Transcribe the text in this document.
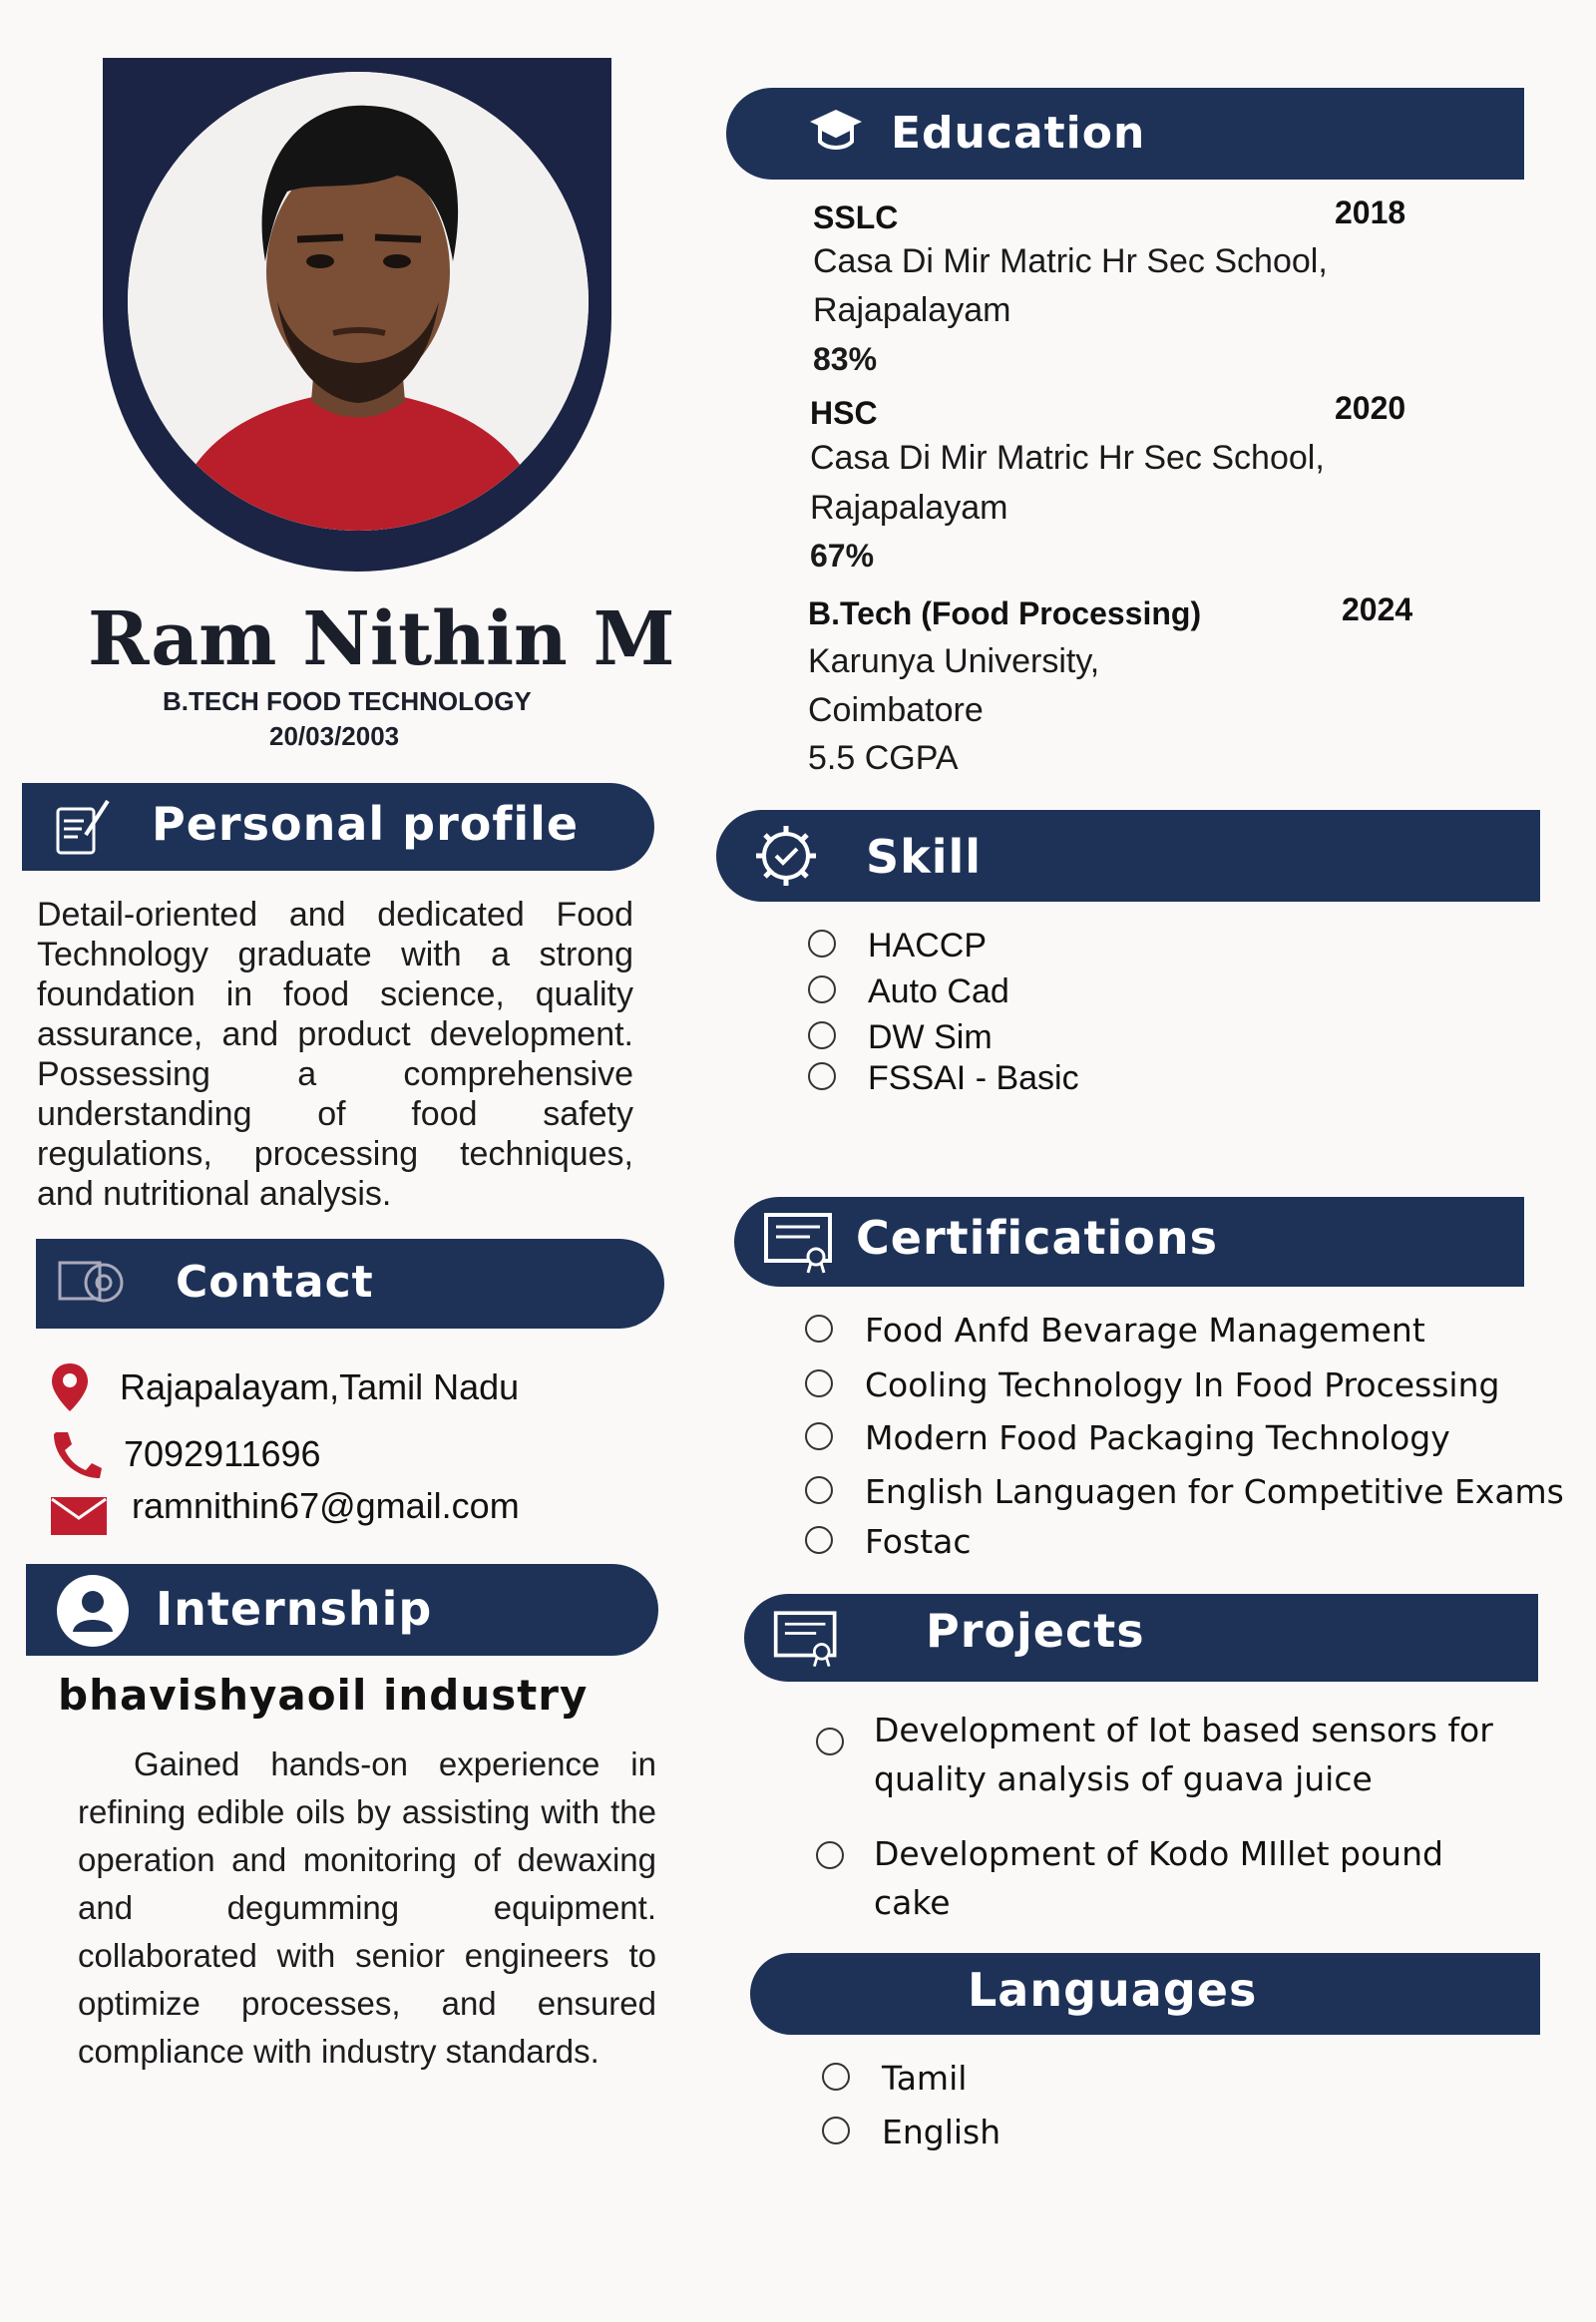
Ram Nithin M
B.TECH FOOD TECHNOLOGY
20/03/2003
Personal profile
Detail-oriented and dedicated Food Technology graduate with a strong foundation in food science, quality assurance, and product development. Possessing a comprehensive understanding of food safety regulations, processing techniques, and nutritional analysis.
Contact
Rajapalayam,Tamil Nadu
7092911696
ramnithin67@gmail.com
Internship
bhavishyaoil industry
Gained hands-on experience in refining edible oils by assisting with the operation and monitoring of dewaxing and degumming equipment. collaborated with senior engineers to optimize processes, and ensured compliance with industry standards.
Education
SSLC	2018
Casa Di Mir Matric Hr Sec School,
Rajapalayam
83%
HSC	2020
Casa Di Mir Matric Hr Sec School,
Rajapalayam
67%
B.Tech (Food Processing)	2024
Karunya University,
Coimbatore
5.5 CGPA
Skill
HACCP
Auto Cad
DW Sim
FSSAI - Basic
Certifications
Food Anfd Bevarage Management
Cooling Technology In Food Processing
Modern Food Packaging Technology
English Languagen for Competitive Exams
Fostac
Projects
Development of Iot based sensors for
quality analysis of guava juice
Development of Kodo MIllet pound
cake
Languages
Tamil
English
